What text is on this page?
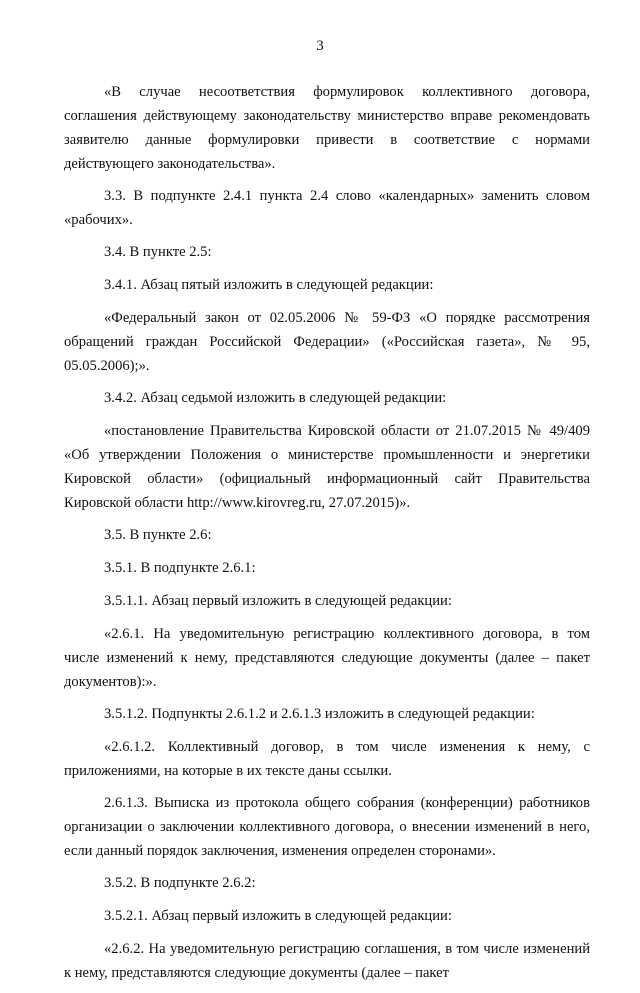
3

«В случае несоответствия формулировок коллективного договора, соглашения действующему законодательству министерство вправе рекомендовать заявителю данные формулировки привести в соответствие с нормами действующего законодательства».

3.3. В подпункте 2.4.1 пункта 2.4 слово «календарных» заменить словом «рабочих».

3.4. В пункте 2.5:

3.4.1. Абзац пятый изложить в следующей редакции:

«Федеральный закон от 02.05.2006 № 59-ФЗ «О порядке рассмотрения обращений граждан Российской Федерации» («Российская газета», № 95, 05.05.2006);».

3.4.2. Абзац седьмой изложить в следующей редакции:

«постановление Правительства Кировской области от 21.07.2015 № 49/409 «Об утверждении Положения о министерстве промышленности и энергетики Кировской области» (официальный информационный сайт Правительства Кировской области http://www.kirovreg.ru, 27.07.2015)».

3.5. В пункте 2.6:

3.5.1. В подпункте 2.6.1:

3.5.1.1. Абзац первый изложить в следующей редакции:

«2.6.1. На уведомительную регистрацию коллективного договора, в том числе изменений к нему, представляются следующие документы (далее – пакет документов):».

3.5.1.2. Подпункты 2.6.1.2 и 2.6.1.3 изложить в следующей редакции:

«2.6.1.2. Коллективный договор, в том числе изменения к нему, с приложениями, на которые в их тексте даны ссылки.

2.6.1.3. Выписка из протокола общего собрания (конференции) работников организации о заключении коллективного договора, о внесении изменений в него, если данный порядок заключения, изменения определен сторонами».

3.5.2. В подпункте 2.6.2:

3.5.2.1. Абзац первый изложить в следующей редакции:

«2.6.2. На уведомительную регистрацию соглашения, в том числе изменений к нему, представляются следующие документы (далее – пакет
